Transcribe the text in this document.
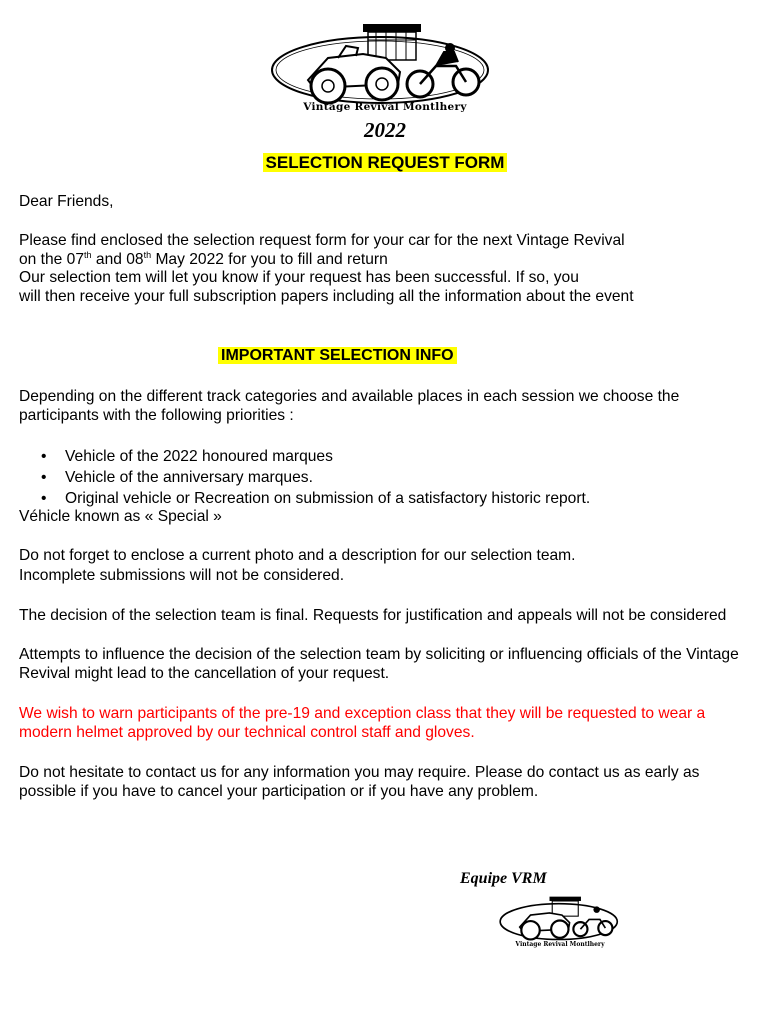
Vintage Revival Montlhery
2022
SELECTION REQUEST FORM
Dear Friends,
Please find enclosed the selection request form for your car for the next Vintage Revival
on the 07th and 08th May 2022 for you to fill and return
Our selection tem will let you know if your request has been successful. If so, you
will then receive your full subscription papers including all the information about the event
IMPORTANT SELECTION INFO
Depending on the different track categories and available places in each session we choose the participants with the following priorities :
• Vehicle of the 2022 honoured marques
• Vehicle of the anniversary marques.
• Original vehicle or Recreation on submission of a satisfactory historic report.
Véhicle known as « Special »
Do not forget to enclose a current photo and a description for our selection team.
Incomplete submissions will not be considered.
The decision of the selection team is final. Requests for justification and appeals will not be considered
Attempts to influence the decision of the selection team by soliciting or influencing officials of the Vintage Revival might lead to the cancellation of your request.
We wish to warn participants of the pre-19 and exception class that they will be requested to wear a modern helmet approved by our technical control staff and gloves.
Do not hesitate to contact us for any information you may require. Please do contact us as early as possible if you have to cancel your participation or if you have any problem.
Equipe VRM
Vintage Revival Montlhery
